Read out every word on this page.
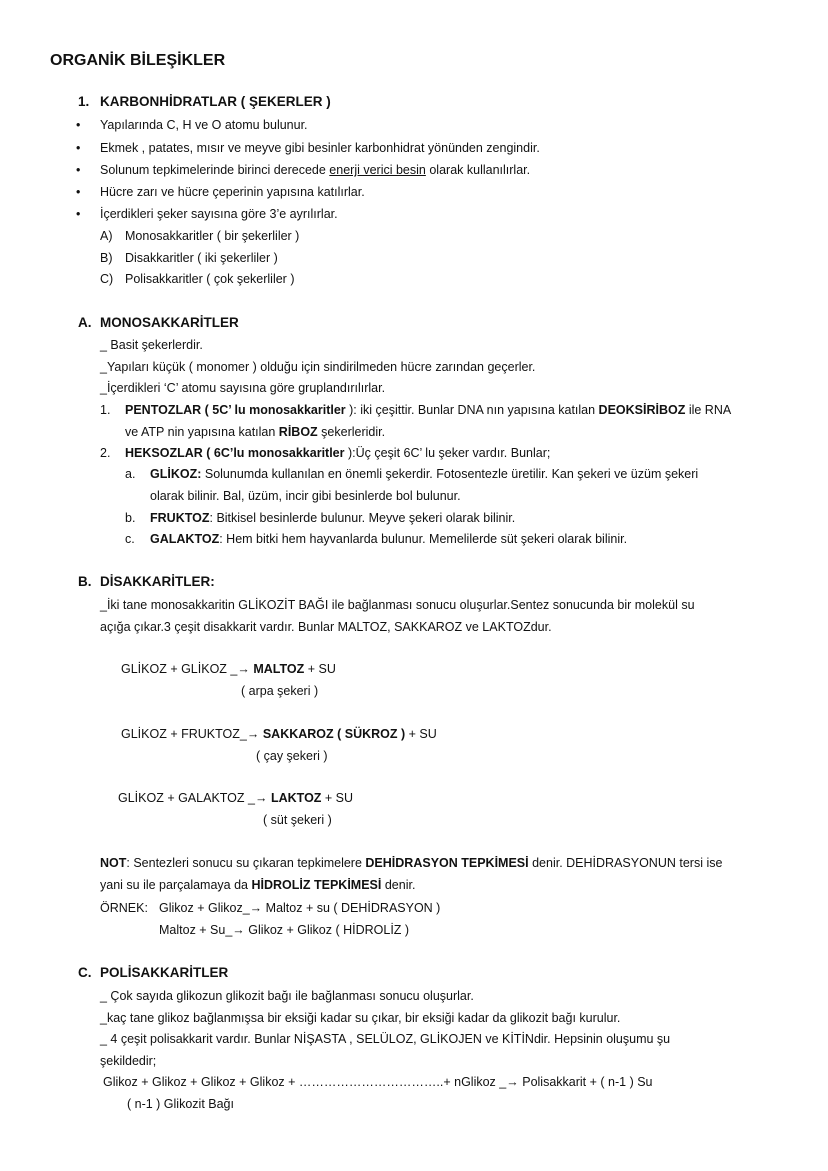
ORGANİK BİLEŞİKLER
1. KARBONHİDRATLAR ( ŞEKERLER )
• Yapılarında C, H ve O atomu bulunur.
• Ekmek , patates, mısır ve meyve gibi besinler karbonhidrat yönünden zengindir.
• Solunum tepkimelerinde birinci derecede enerji verici besin olarak kullanılırlar.
• Hücre zarı ve hücre çeperinin yapısına katılırlar.
• İçerdikleri şeker sayısına göre 3’e ayrılırlar.
A) Monosakkaritler ( bir şekerliler )
B) Disakkaritler ( iki şekerliler )
C) Polisakkaritler ( çok şekerliler )
A. MONOSAKKARİTLER
_ Basit şekerlerdir.
_Yapıları küçük ( monomer ) olduğu için sindirilmeden hücre zarından geçerler.
_İçerdikleri ‘C’ atomu sayısına göre gruplandırılırlar.
1. PENTOZLAR ( 5C’ lu monosakkaritler ): iki çeşittir. Bunlar DNA nın yapısına katılan DEOKSİRİBOZ ile RNA
ve ATP nin yapısına katılan RİBOZ şekerleridir.
2. HEKSOZLAR ( 6C’lu monosakkaritler ):Üç çeşit 6C’ lu şeker vardır. Bunlar;
a. GLİKOZ: Solunumda kullanılan en önemli şekerdir. Fotosentezle üretilir. Kan şekeri ve üzüm şekeri
olarak bilinir. Bal, üzüm, incir gibi besinlerde bol bulunur.
b. FRUKTOZ: Bitkisel besinlerde bulunur. Meyve şekeri olarak bilinir.
c. GALAKTOZ: Hem bitki hem hayvanlarda bulunur. Memelilerde süt şekeri olarak bilinir.
B. DİSAKKARİTLER:
_İki tane monosakkaritin GLİKOZİT BAĞI ile bağlanması sonucu oluşurlar.Sentez sonucunda bir molekül su
açığa çıkar.3 çeşit disakkarit vardır. Bunlar MALTOZ, SAKKAROZ ve LAKTOZdur.
GLİKOZ + GLİKOZ _→ MALTOZ + SU
( arpa şekeri )
GLİKOZ + FRUKTOZ_→ SAKKAROZ ( SÜKROZ ) + SU
( çay şekeri )
GLİKOZ + GALAKTOZ _→ LAKTOZ + SU
( süt şekeri )
NOT: Sentezleri sonucu su çıkaran tepkimelere DEHİDRASYON TEPKİMESİ denir. DEHİDRASYONUN tersi ise
yani su ile parçalamaya da HİDROLİZ TEPKİMESİ denir.
ÖRNEK: Glikoz + Glikoz_→ Maltoz + su ( DEHİDRASYON )
Maltoz + Su_→ Glikoz + Glikoz ( HİDROLİZ )
C. POLİSAKKARİTLER
_ Çok sayıda glikozun glikozit bağı ile bağlanması sonucu oluşurlar.
_kaç tane glikoz bağlanmışsa bir eksiği kadar su çıkar, bir eksiği kadar da glikozit bağı kurulur.
_ 4 çeşit polisakkarit vardır. Bunlar NİŞASTA , SELÜLOZ, GLİKOJEN ve KİTİNdir. Hepsinin oluşumu şu
şekildedir;
Glikoz + Glikoz + Glikoz + Glikoz + ……………………………..+ nGlikoz _→ Polisakkarit + ( n-1 ) Su
( n-1 ) Glikozit Bağı
